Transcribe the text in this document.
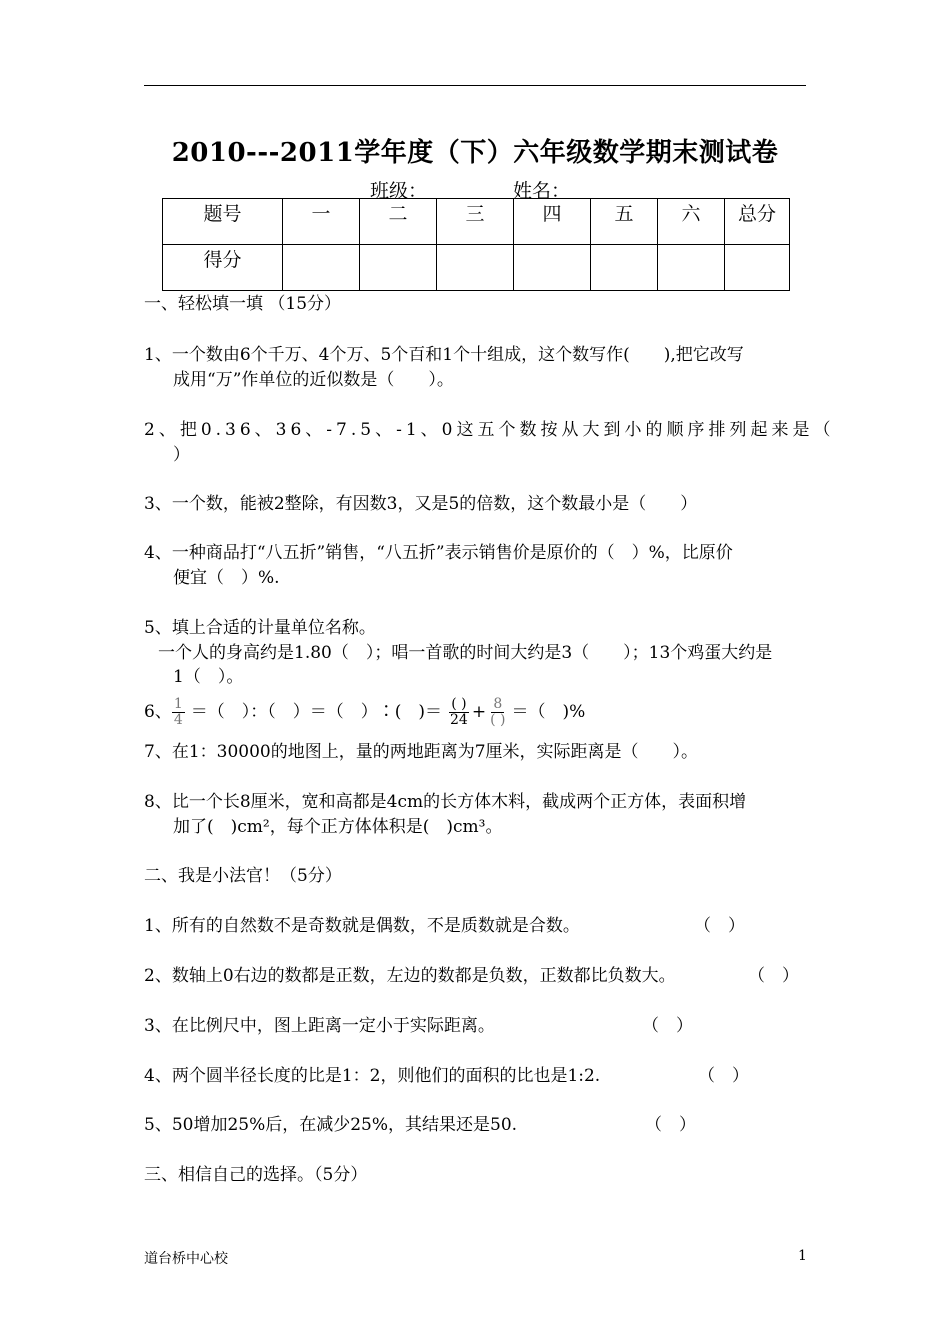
2010---2011学年度（下）六年级数学期末测试卷
班级：	姓名：
题号	一	二	三	四	五	六	总分
得分							
一、轻松填一填 （15分）
1、一个数由6个千万、4个万、5个百和1个十组成，这个数写作(　　),把它改写
成用“万”作单位的近似数是（　　）。
2、把0.36、36、-7.5、-1、0这五个数按从大到小的顺序排列起来是（
）
3、一个数，能被2整除，有因数3，又是5的倍数，这个数最小是（　　）
4、一种商品打“八五折”销售，“八五折”表示销售价是原价的（　）%，比原价
便宜（　）%.
5、填上合适的计量单位名称。
一个人的身高约是1.80（　）；唱一首歌的时间大约是3（　　）；13个鸡蛋大约是
1（　）。
6、 $\frac{1}{4}$ ＝（　）：（　）＝（　）∶(　)＝ $\frac{( )}{24} + \frac{8}{( )}$ ＝（　)%
7、在1：30000的地图上，量的两地距离为7厘米，实际距离是（　　）。
8、比一个长8厘米，宽和高都是4cm的长方体木料，截成两个正方体，表面积增
加了(　)cm²，每个正方体体积是(　)cm³。
二、我是小法官！（5分）
1、所有的自然数不是奇数就是偶数，不是质数就是合数。	（　）
2、数轴上0右边的数都是正数，左边的数都是负数，正数都比负数大。	（　）
3、在比例尺中，图上距离一定小于实际距离。	（　）
4、两个圆半径长度的比是1：2，则他们的面积的比也是1:2.	（　）
5、50增加25%后，在减少25%，其结果还是50.	（　）
三、相信自己的选择。（5分）
道台桥中心校	1
